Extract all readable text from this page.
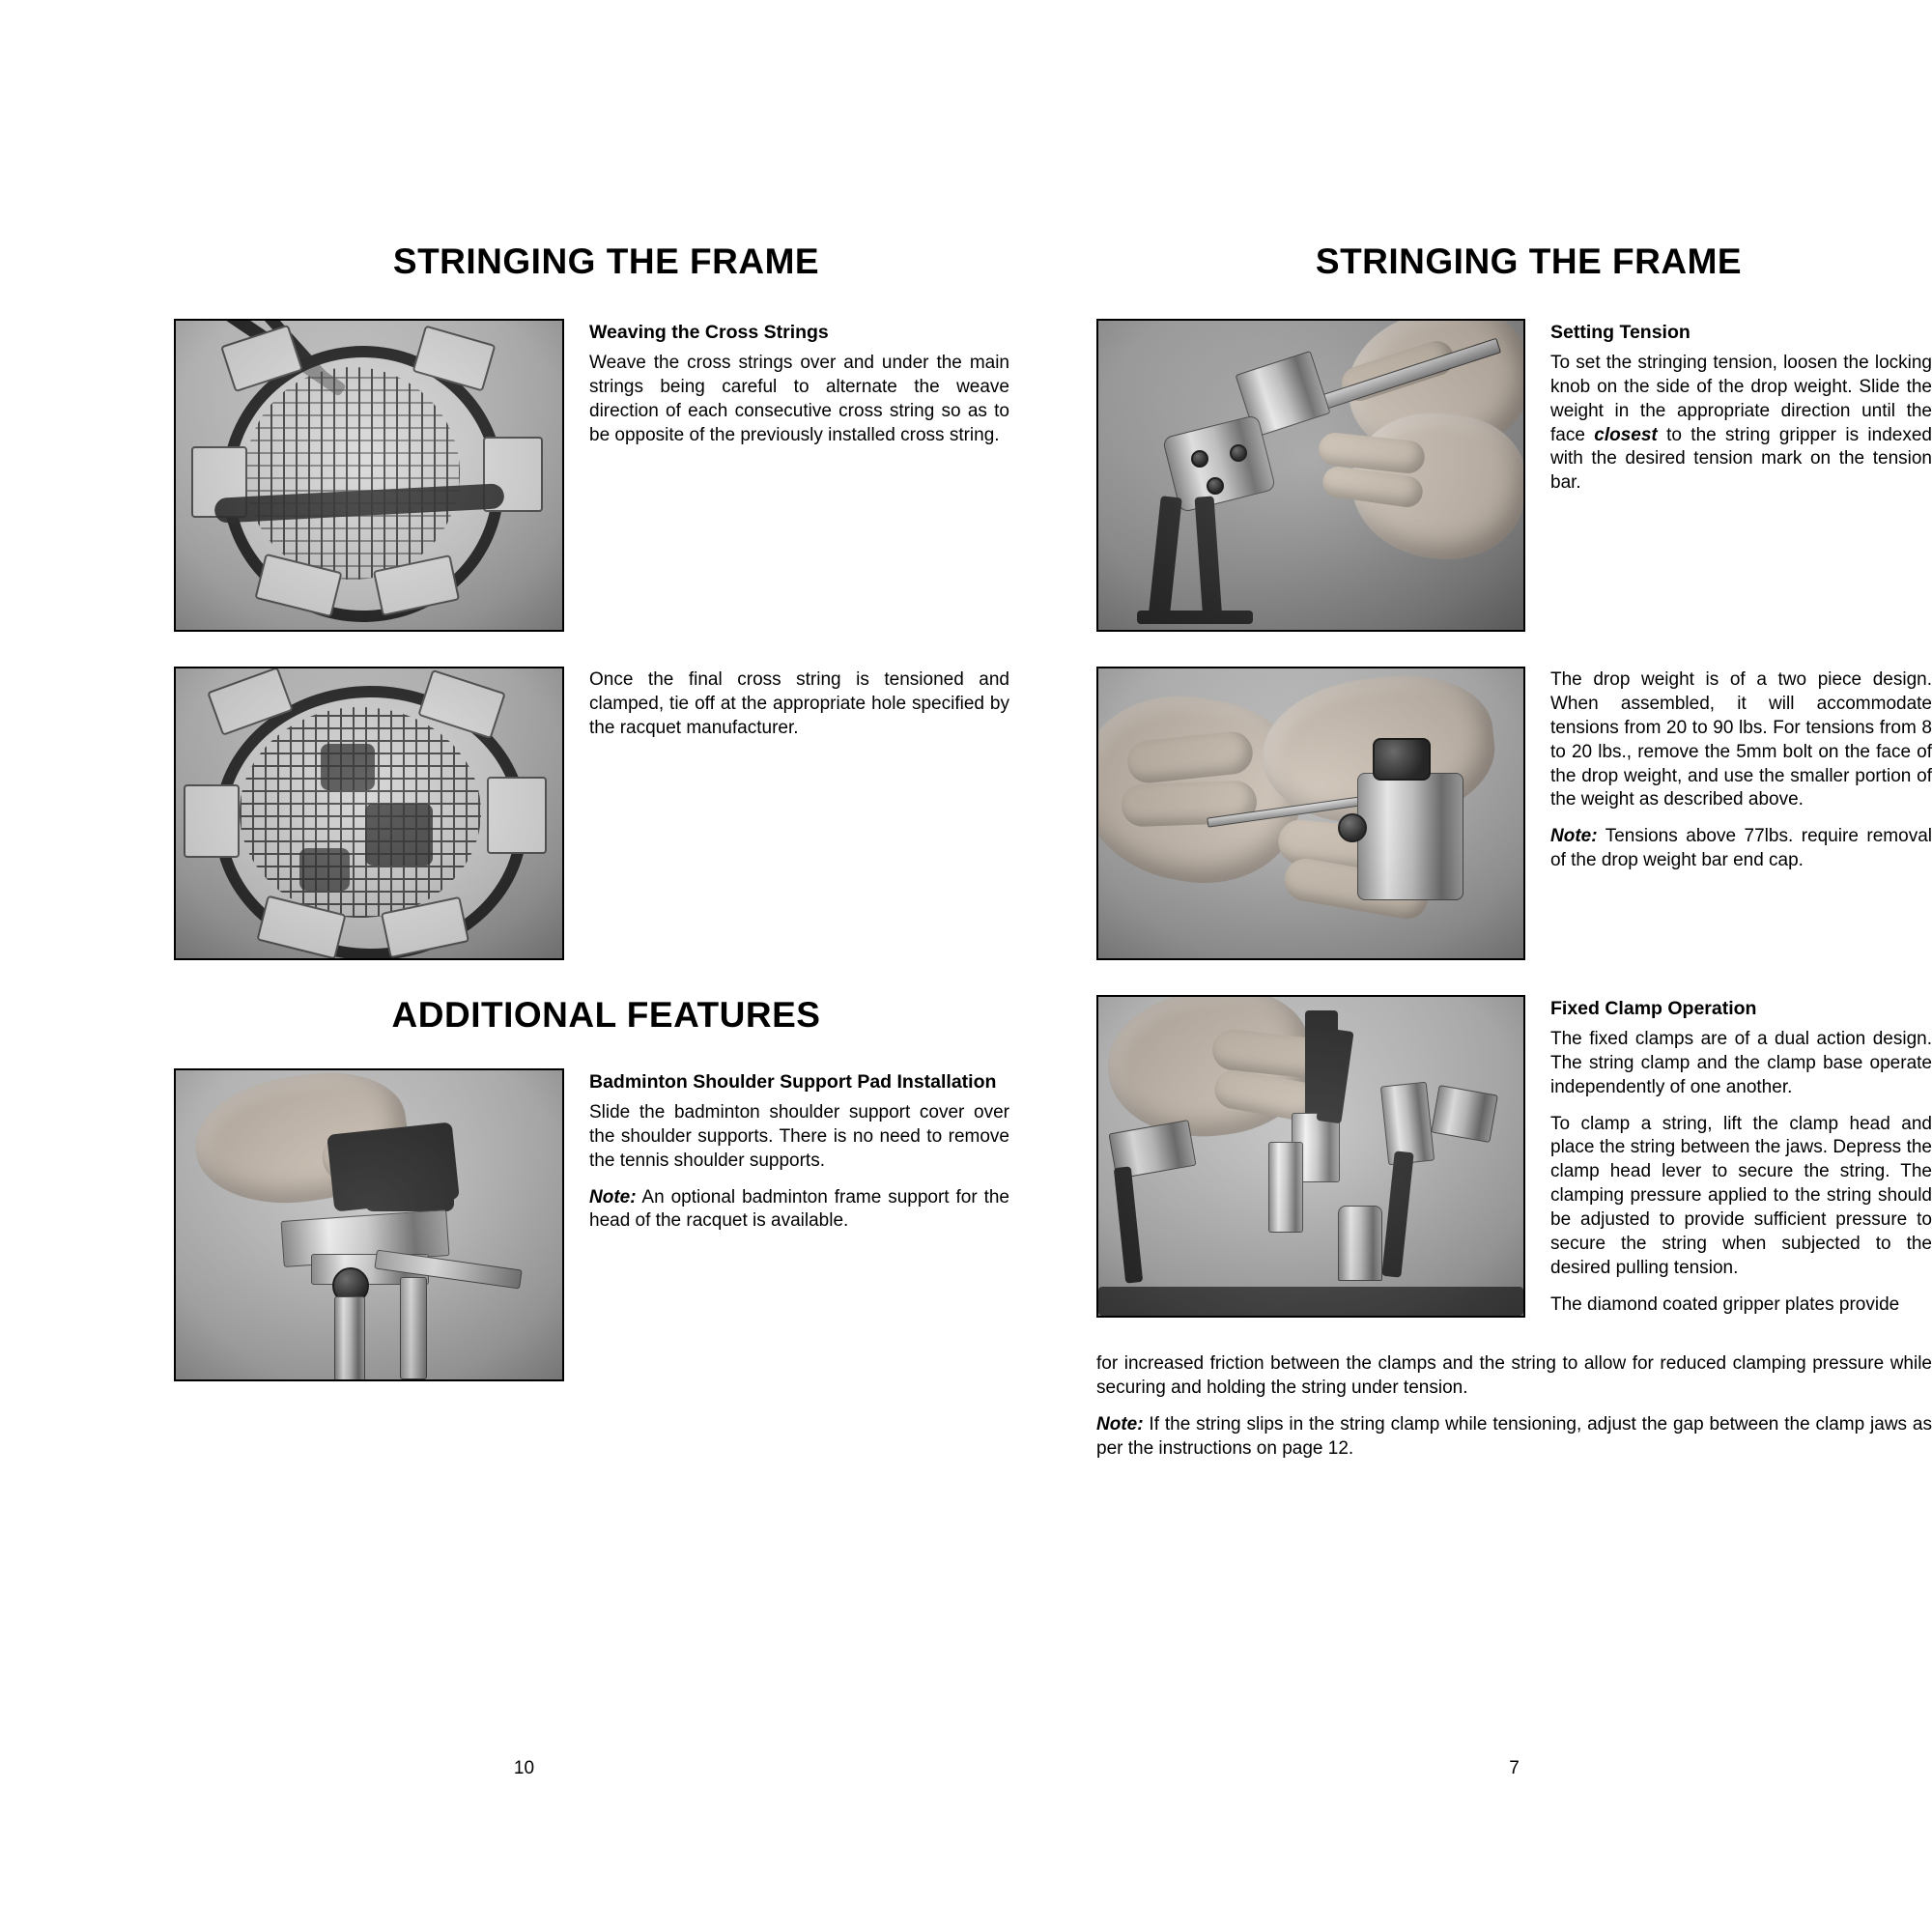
STRINGING THE FRAME
Weaving the Cross Strings

Weave the cross strings over and under the main strings being careful to alternate the weave direction of each consecutive cross string so as to be opposite of the previously installed cross string.

Once the final cross string is tensioned and clamped, tie off at the appropriate hole specified by the racquet manufacturer.

ADDITIONAL FEATURES
Badminton Shoulder Support Pad Installation

Slide the badminton shoulder support cover over the shoulder supports. There is no need to remove the tennis shoulder supports.

Note: An optional badminton frame support for the head of the racquet is available.

10
STRINGING THE FRAME
Setting Tension

To set the stringing tension, loosen the locking knob on the side of the drop weight. Slide the weight in the appropriate direction until the face closest to the string gripper is indexed with the desired tension mark on the tension bar.

The drop weight is of a two piece design. When assembled, it will accommodate tensions from 20 to 90 lbs. For tensions from 8 to 20 lbs., remove the 5mm bolt on the face of the drop weight, and use the smaller portion of the weight as described above.

Note: Tensions above 77lbs. require removal of the drop weight bar end cap.

Fixed Clamp Operation

The fixed clamps are of a dual action design. The string clamp and the clamp base operate independently of one another.

To clamp a string, lift the clamp head and place the string between the jaws. Depress the clamp head lever to secure the string. The clamping pressure applied to the string should be adjusted to provide sufficient pressure to secure the string when subjected to the desired pulling tension.

The diamond coated gripper plates provide

for increased friction between the clamps and the string to allow for reduced clamping pressure while securing and holding the string under tension.

Note: If the string slips in the string clamp while tensioning, adjust the gap between the clamp jaws as per the instructions on page 12.

7
